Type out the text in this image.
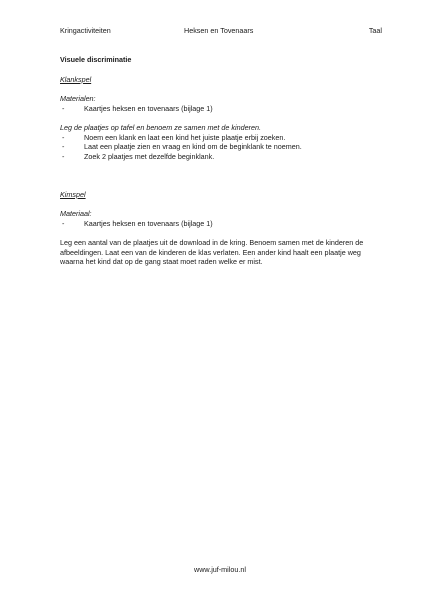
Kringactiviteiten	Heksen en Tovenaars	Taal

Visuele discriminatie

Klankspel

Materialen:

-	Kaartjes heksen en tovenaars (bijlage 1)

Leg de plaatjes op tafel en benoem ze samen met de kinderen.

-	Noem een klank en laat een kind het juiste plaatje erbij zoeken.
-	Laat een plaatje zien en vraag en kind om de beginklank te noemen.
-	Zoek 2 plaatjes met dezelfde beginklank.

Kimspel

Materiaal:

-	Kaartjes heksen en tovenaars (bijlage 1)
Leg een aantal van de plaatjes uit de download in de kring. Benoem samen met de kinderen de
afbeeldingen. Laat een van de kinderen de klas verlaten. Een ander kind haalt een plaatje weg
waarna het kind dat op de gang staat moet raden welke er mist.
www.juf-milou.nl
